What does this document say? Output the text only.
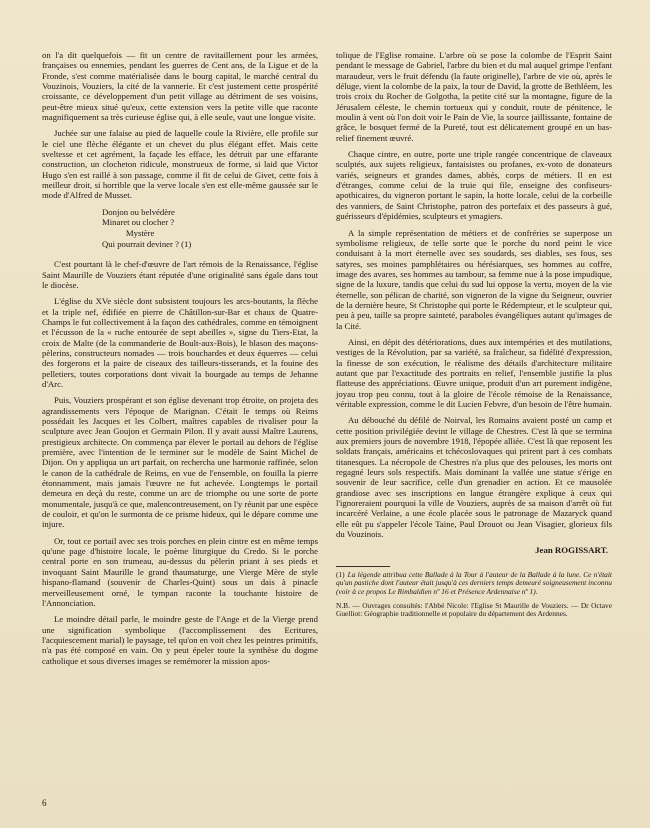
on l'a dit quelquefois — fit un centre de ravitaillement pour les armées, françaises ou ennemies, pendant les guerres de Cent ans, de la Ligue et de la Fronde, s'est comme matérialisée dans le bourg capital, le marché central du Vouzinois, Vouziers, la cité de la vannerie. Et c'est justement cette prospérité croissante, ce développement d'un petit village au détriment de ses voisins, peut-être mieux situé qu'eux, cette extension vers la petite ville que raconte magnifiquement sa très curieuse église qui, à elle seule, vaut une longue visite.

Juchée sur une falaise au pied de laquelle coule la Rivière, elle profile sur le ciel une flèche élégante et un chevet du plus élégant effet. Mais cette sveltesse et cet agrément, la façade les efface, les détruit par une effarante construction, un clocheton ridicule, monstrueux de forme, si laid que Victor Hugo s'en est raillé à son passage, comme il fit de celui de Givet, cette fois à meilleur droit, si horrible que la verve locale s'en est elle-même gaussée sur le mode d'Alfred de Musset.

Donjon ou belvédère
Minaret ou clocher ?
Mystère
Qui pourrait deviner ? (1)

C'est pourtant là le chef-d'œuvre de l'art rémois de la Renaissance, l'église Saint Maurille de Vouziers étant réputée d'une originalité sans égale dans tout le diocèse.

L'église du XVe siècle dont subsistent toujours les arcs-boutants, la flèche et la triple nef, édifiée en pierre de Châtillon-sur-Bar et chaux de Quatre-Champs le fut collectivement à la façon des cathédrales, comme en témoignent et l'écusson de la « ruche entourée de sept abeilles », signe du Tiers-Etat, la croix de Malte (de la commanderie de Boult-aux-Bois), le blason des maçons-pèlerins, constructeurs nomades — trois bouchardes et deux équerres — celui des forgerons et la paire de ciseaux des tailleurs-tisserands, et la fouine des pelletiers, toutes corporations dont vivait la bourgade au temps de Jehanne d'Arc.

Puis, Vouziers prospérant et son église devenant trop étroite, on projeta des agrandissements vers l'époque de Marignan. C'était le temps où Reims possédait les Jacques et les Colbert, maîtres capables de rivaliser pour la sculpture avec Jean Goujon et Germain Pilon. Il y avait aussi Maître Laurens, prestigieux architecte. On commença par élever le portail au dehors de l'église première, avec l'intention de le terminer sur le modèle de Saint Michel de Dijon. On y appliqua un art parfait, on rechercha une harmonie raffinée, selon le canon de la cathédrale de Reims, en vue de l'ensemble, on fouilla la pierre étonnamment, mais jamais l'œuvre ne fut achevée. Longtemps le portail demeura en deçà du reste, comme un arc de triomphe ou une sorte de porte monumentale, jusqu'à ce que, malencontreusement, on l'y réunit par une espèce de couloir, et qu'on le surmonta de ce prisme hideux, qui le dépare comme une injure.

Or, tout ce portail avec ses trois porches en plein cintre est en même temps qu'une page d'histoire locale, le poème liturgique du Credo. Si le porche central porte en son trumeau, au-dessus du pèlerin priant à ses pieds et invoquant Saint Maurille le grand thaumaturge, une Vierge Mère de style hispano-flamand (souvenir de Charles-Quint) sous un dais à pinacle merveilleusement orné, le tympan raconte la touchante histoire de l'Annonciation.

Le moindre détail parle, le moindre geste de l'Ange et de la Vierge prend une signification symbolique (l'accomplissement des Ecritures, l'acquiescement marial) le paysage, tel qu'on en voit chez les peintres primitifs, n'a pas été composé en vain. On y peut épeler toute la synthèse du dogme catholique et sous diverses images se remémorer la mission apos-

tolique de l'Eglise romaine. L'arbre où se pose la colombe de l'Esprit Saint pendant le message de Gabriel, l'arbre du bien et du mal auquel grimpe l'enfant maraudeur, vers le fruit défendu (la faute originelle), l'arbre de vie où, après le déluge, vient la colombe de la paix, la tour de David, la grotte de Bethléem, les trois croix du Rocher de Golgotha, la petite cité sur la montagne, figure de la Jérusalem céleste, le chemin tortueux qui y conduit, route de pénitence, le moulin à vent où l'on doit voir le Pain de Vie, la source jaillissante, fontaine de grâce, le bosquet fermé de la Pureté, tout est délicatement groupé en un bas-relief finement œuvré.

Chaque cintre, en outre, porte une triple rangée concentrique de claveaux sculptés, aux sujets religieux, fantaisistes ou profanes, ex-voto de donateurs variés, seigneurs et grandes dames, abbés, corps de métiers. Il en est d'étranges, comme celui de la truie qui file, enseigne des confiseurs-apothicaires, du vigneron portant le sapin, la hotte locale, celui de la corbeille des vanniers, de Saint Christophe, patron des portefaix et des passeurs à gué, guérisseurs d'épidémies, sculpteurs et ymagiers.

A la simple représentation de métiers et de confréries se superpose un symbolisme religieux, de telle sorte que le porche du nord peint le vice conduisant à la mort éternelle avec ses soudards, ses diables, ses fous, ses satyres, ses moines pamphlétaires ou hérésiarques, ses hommes au coffre, image des avares, ses hommes au tambour, sa femme nue à la pose impudique, signe de la luxure, tandis que celui du sud lui oppose la vertu, moyen de la vie éternelle, son pélican de charité, son vigneron de la vigne du Seigneur, ouvrier de la dernière heure, St Christophe qui porte le Rédempteur, et le sculpteur qui, peu à peu, taille sa propre sainteté, paraboles évangéliques autant qu'images de la Cité.

Ainsi, en dépit des détériorations, dues aux intempéries et des mutilations, vestiges de la Révolution, par sa variété, sa fraîcheur, sa fidélité d'expression, la finesse de son exécution, le réalisme des détails d'architecture militaire autant que par l'exactitude des portraits en relief, l'ensemble justifie la plus flatteuse des appréciations. Œuvre unique, produit d'un art purement indigène, joyau trop peu connu, tout à la gloire de l'école rémoise de la Renaissance, véritable expression, comme le dit Lucien Febvre, d'un besoin de l'être humain.

Au débouché du défilé de Noirval, les Romains avaient posté un camp et cette position privilégiée devint le village de Chestres. C'est là que se termina aux premiers jours de novembre 1918, l'épopée alliée. C'est là que reposent les soldats français, américains et tchécoslovaques qui prirent part à ces combats titanesques. La nécropole de Chestres n'a plus que des pelouses, les morts ont regagné leurs sols respectifs. Mais dominant la vallée une statue s'érige en souvenir de leur sacrifice, celle d'un grenadier en action. Et ce mausolée grandiose avec ses inscriptions en langue étrangère explique à ceux qui l'ignoreraient pourquoi la ville de Vouziers, auprès de sa maison d'arrêt où fut incarcéré Verlaine, a une école placée sous le patronage de Mazaryck quand elle eût pu s'appeler l'école Taine, Paul Drouot ou Jean Visagier, glorieux fils du Vouzinois.

Jean ROGISSART.
(1) La légende attribua cette Ballade à la Tour à l'auteur de la Ballade à la lune. Ce n'était qu'un pastiche dont l'auteur était jusqu'à ces derniers temps demeuré soigneusement inconnu (voir à ce propos Le Rimbaldien nº 16 et Présence Ardennaise nº 1).
N.B. — Ouvrages consultés: l'Abbé Nicole: l'Eglise St Maurille de Vouziers. — Dr Octave Guelliot: Géographie traditionnelle et populaire du département des Ardennes.
6
